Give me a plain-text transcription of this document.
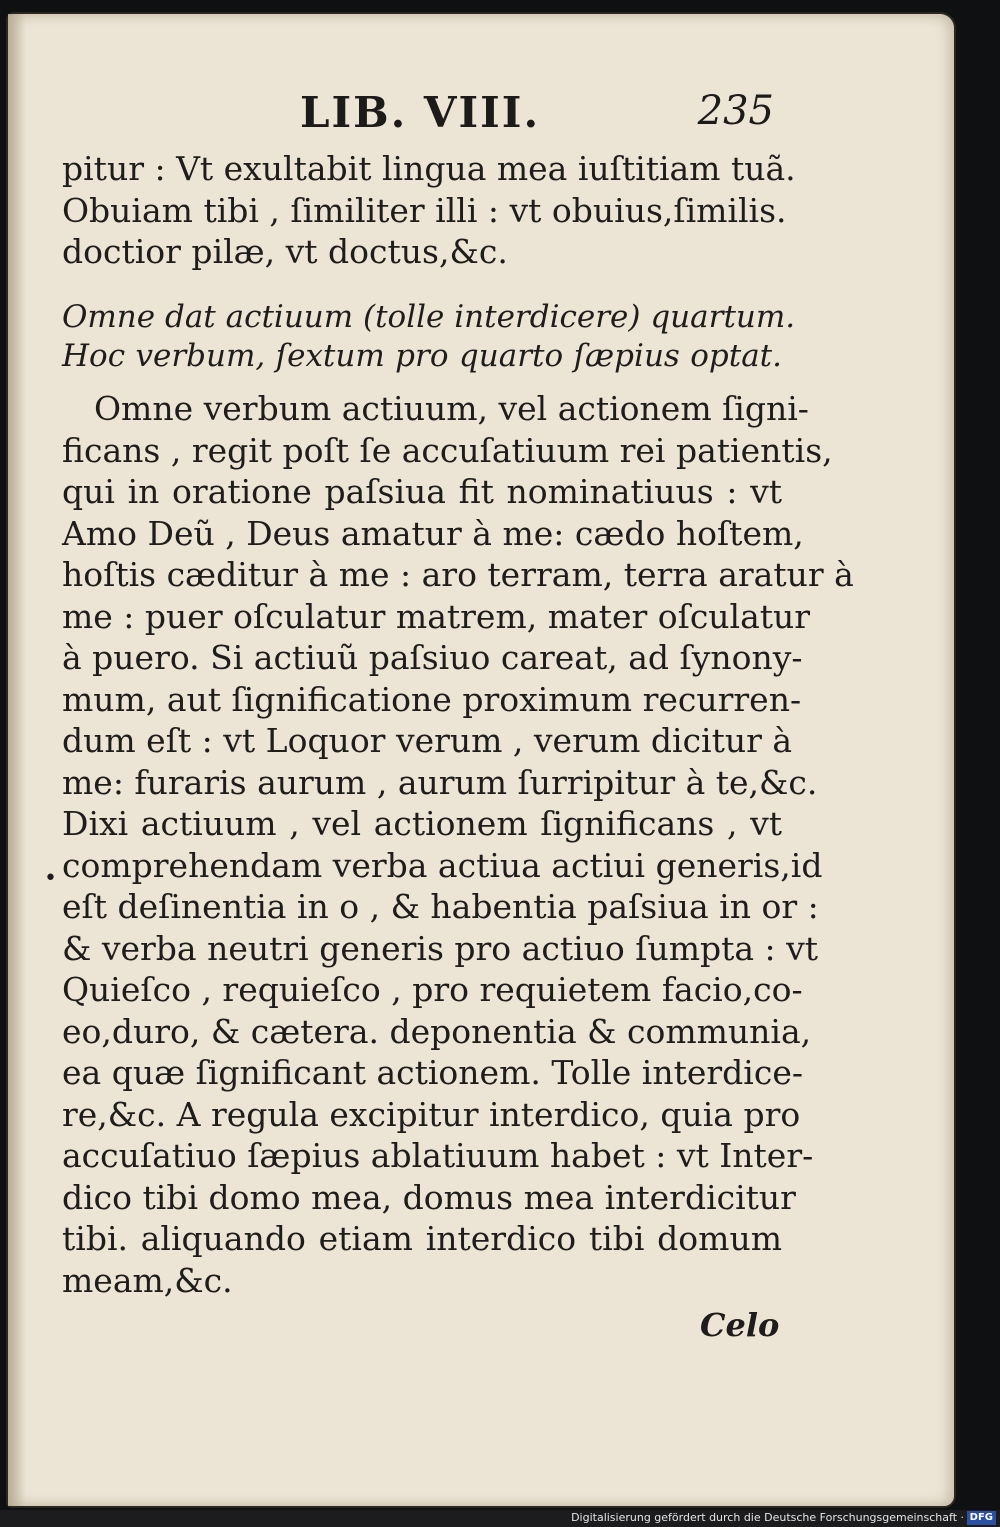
LIB. VIII.	235
pitur : Vt exultabit lingua mea iuſtitiam tuã.
Obuiam tibi , ſimiliter illi : vt obuius,ſimilis.
doctior pilæ, vt doctus,&c.
Omne dat actiuum (tolle interdicere) quartum.
Hoc verbum, ſextum pro quarto ſæpius optat.
•
Omne verbum actiuum, vel actionem ſigni-
ficans , regit poſt ſe accuſatiuum rei patientis,
qui in oratione paſsiua fit nominatiuus : vt
Amo Deũ , Deus amatur à me: cædo hoſtem,
hoſtis cæditur à me : aro terram, terra aratur à
me : puer oſculatur matrem, mater oſculatur
à puero. Si actiuũ paſsiuo careat, ad ſynony-
mum, aut ſignificatione proximum recurren-
dum eſt : vt Loquor verum , verum dicitur à
me: furaris aurum , aurum ſurripitur à te,&c.
Dixi actiuum , vel actionem ſignificans , vt
comprehendam verba actiua actiui generis,id
eſt deſinentia in o , & habentia paſsiua in or :
& verba neutri generis pro actiuo ſumpta : vt
Quieſco , requieſco , pro requietem facio,co-
eo,duro, & cætera. deponentia & communia,
ea quæ ſignificant actionem. Tolle interdice-
re,&c. A regula excipitur interdico, quia pro
accuſatiuo ſæpius ablatiuum habet : vt Inter-
dico tibi domo mea, domus mea interdicitur
tibi. aliquando etiam interdico tibi domum
meam,&c.
Celo
Digitalisierung gefördert durch die Deutsche Forschungsgemeinschaft · DFG
